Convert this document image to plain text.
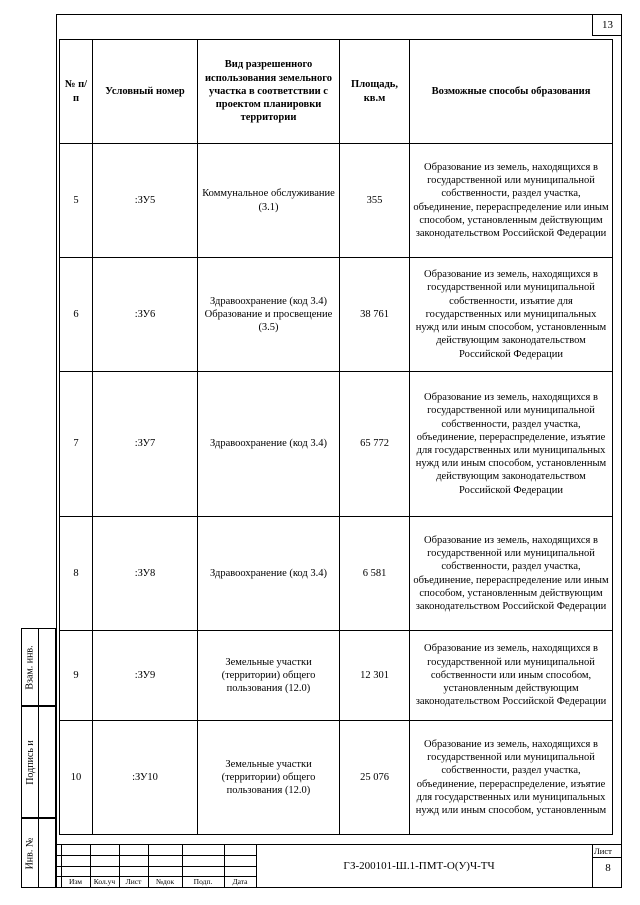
13
№ п/п	Условный номер	Вид разрешенного использования земельного участка в соответствии с проектом планировки территории	Площадь, кв.м	Возможные способы образования
5	:ЗУ5	Коммунальное обслуживание (3.1)	355	Образование из земель, находящихся в государственной или муниципальной собственности, раздел участка, объединение, перераспределение или иным способом, установленным действующим законодательством Российской Федерации
6	:ЗУ6	Здравоохранение (код 3.4) Образование и просвещение (3.5)	38 761	Образование из земель, находящихся в государственной или муниципальной собственности, изъятие для государственных или муниципальных нужд или иным способом, установленным действующим законодательством Российской Федерации
7	:ЗУ7	Здравоохранение (код 3.4)	65 772	Образование из земель, находящихся в государственной или муниципальной собственности, раздел участка, объединение, перераспределение, изъятие для государственных или муниципальных нужд или иным способом, установленным действующим законодательством Российской Федерации
8	:ЗУ8	Здравоохранение (код 3.4)	6 581	Образование из земель, находящихся в государственной или муниципальной собственности, раздел участка, объединение, перераспределение или иным способом, установленным действующим законодательством Российской Федерации
9	:ЗУ9	Земельные участки (территории) общего пользования (12.0)	12 301	Образование из земель, находящихся в государственной или муниципальной собственности или иным способом, установленным действующим законодательством Российской Федерации
10	:ЗУ10	Земельные участки (территории) общего пользования (12.0)	25 076	Образование из земель, находящихся в государственной или муниципальной собственности, раздел участка, объединение, перераспределение, изъятие для государственных или муниципальных нужд или иным способом, установленным
Взам. инв.
Подпись и
Инв. №
Изм	Кол.уч	Лист	№док	Подп.	Дата
ГЗ-200101-Ш.1-ПМТ-О(У)Ч-ТЧ
Лист
8
